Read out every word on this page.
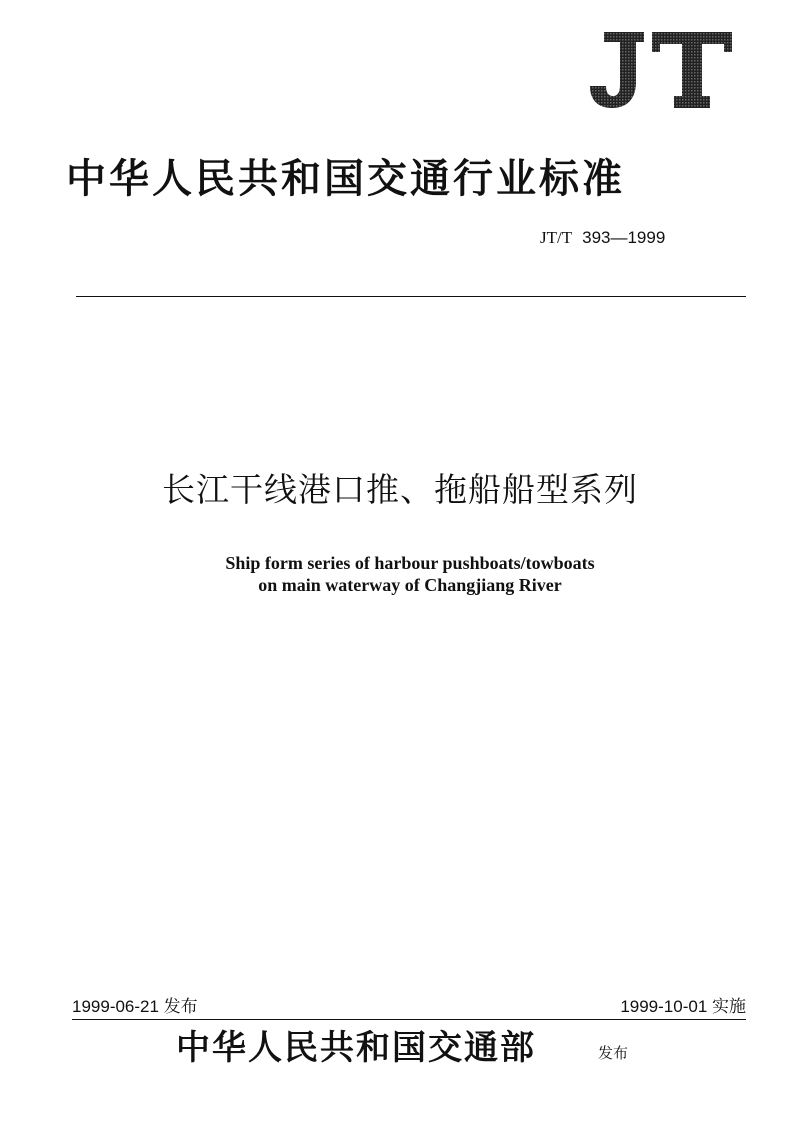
中华人民共和国交通行业标准
JT/T 393—1999
长江干线港口推、拖船船型系列
Ship form series of harbour pushboats/towboats
on main waterway of Changjiang River
1999-06-21 发布	1999-10-01 实施
中华人民共和国交通部	发布
